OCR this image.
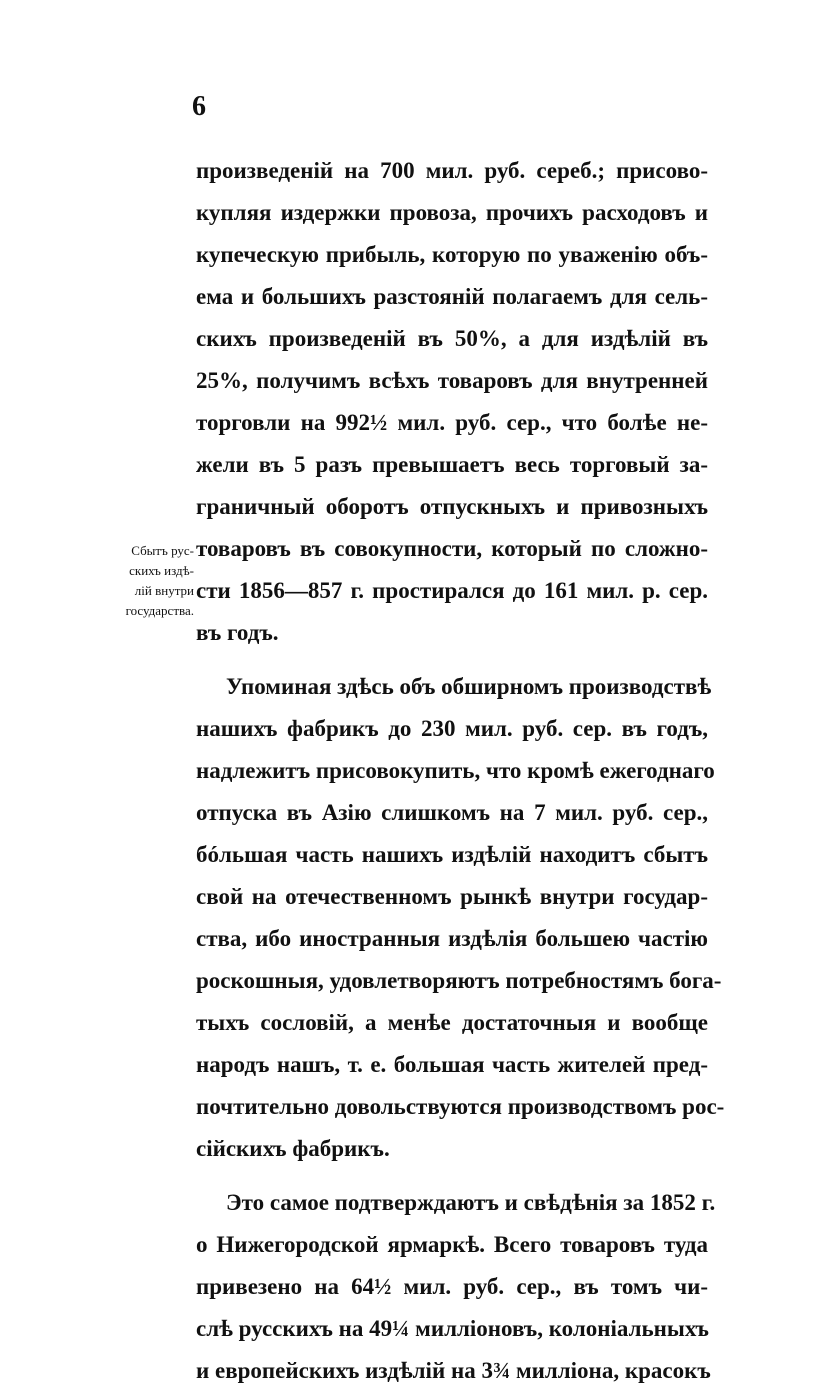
6
Сбытъ рус-
скихъ издѣ-
лій внутри
государства.
произведеній на 700 мил. руб. сереб.; присово-
купляя издержки провоза, прочихъ расходовъ и
купеческую прибыль, которую по уваженію объ-
ема и большихъ разстояній полагаемъ для сель-
скихъ произведеній въ 50%, а для издѣлій въ
25%, получимъ всѣхъ товаровъ для внутренней
торговли на 992½ мил. руб. сер., что болѣе не-
жели въ 5 разъ превышаетъ весь торговый за-
граничный оборотъ отпускныхъ и привозныхъ
товаровъ въ совокупности, который по сложно-
сти 1856—857 г. простирался до 161 мил. р. сер.
въ годъ.
Упоминая здѣсь объ обширномъ производствѣ
нашихъ фабрикъ до 230 мил. руб. сер. въ годъ,
надлежитъ присовокупить, что кромѣ ежегоднаго
отпуска въ Азію слишкомъ на 7 мил. руб. сер.,
бóльшая часть нашихъ издѣлій находитъ сбытъ
свой на отечественномъ рынкѣ внутри государ-
ства, ибо иностранныя издѣлія большею частію
роскошныя, удовлетворяютъ потребностямъ бога-
тыхъ сословій, а менѣе достаточныя и вообще
народъ нашъ, т. е. большая часть жителей пред-
почтительно довольствуются производствомъ рос-
сійскихъ фабрикъ.
Это самое подтверждаютъ и свѣдѣнія за 1852 г.
о Нижегородской ярмаркѣ. Всего товаровъ туда
привезено на 64½ мил. руб. сер., въ томъ чи-
слѣ русскихъ на 49¼ милліоновъ, колоніальныхъ
и европейскихъ издѣлій на 3¾ милліона, красокъ
